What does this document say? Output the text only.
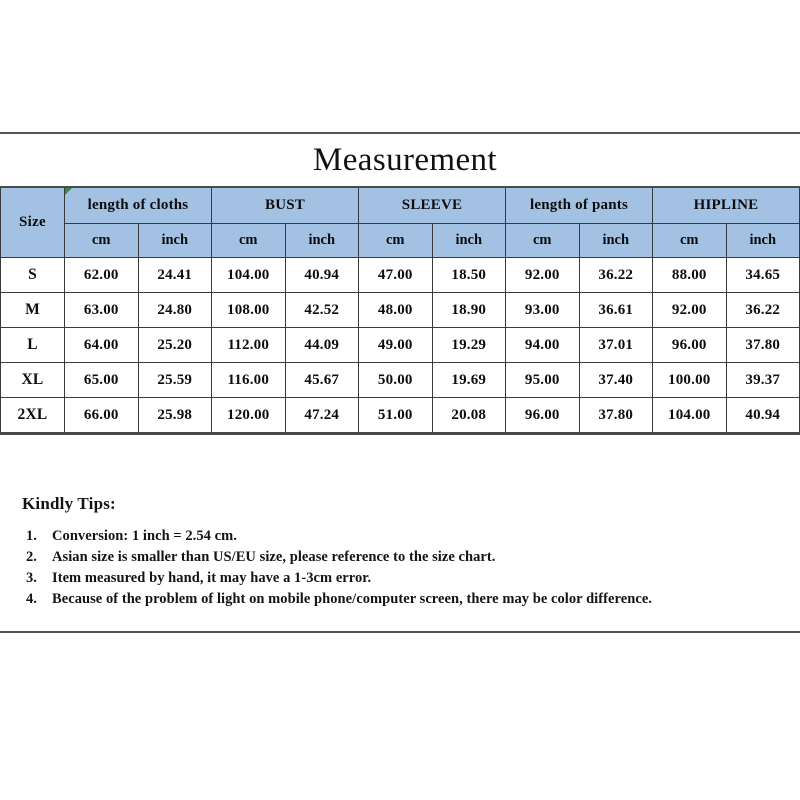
Measurement
Size	length of cloths		BUST		SLEEVE		length of pants		HIPLINE	
	cm	inch	cm	inch	cm	inch	cm	inch	cm	inch
S	62.00	24.41	104.00	40.94	47.00	18.50	92.00	36.22	88.00	34.65
M	63.00	24.80	108.00	42.52	48.00	18.90	93.00	36.61	92.00	36.22
L	64.00	25.20	112.00	44.09	49.00	19.29	94.00	37.01	96.00	37.80
XL	65.00	25.59	116.00	45.67	50.00	19.69	95.00	37.40	100.00	39.37
2XL	66.00	25.98	120.00	47.24	51.00	20.08	96.00	37.80	104.00	40.94
Kindly Tips:
1.	Conversion: 1 inch = 2.54 cm.
2.	Asian size is smaller than US/EU size, please reference to the size chart.
3.	Item measured by hand, it may have a 1-3cm error.
4.	Because of the problem of light on mobile phone/computer screen, there may be color difference.
